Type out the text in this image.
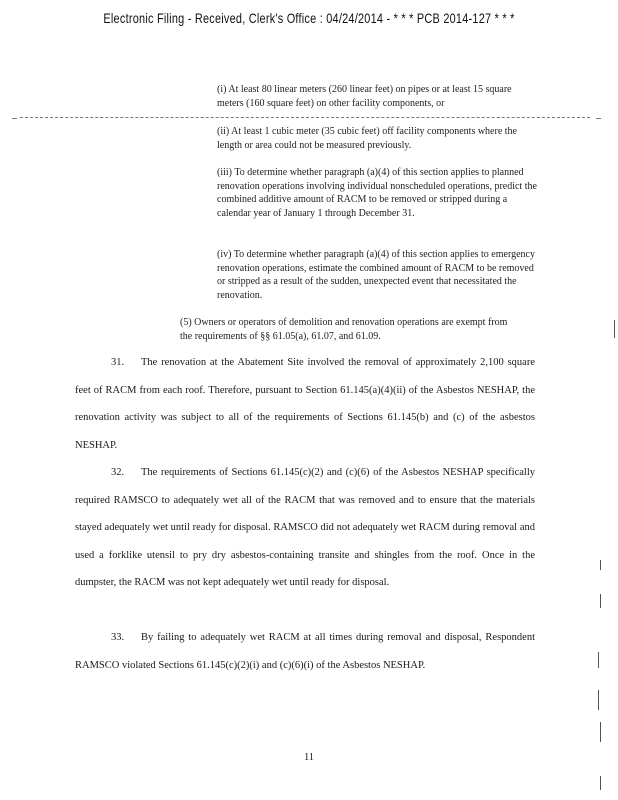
Electronic Filing - Received, Clerk's Office : 04/24/2014 - * * * PCB 2014-127 * * *
(i) At least 80 linear meters (260 linear feet) on pipes or at least 15 square meters (160 square feet) on other facility components, or
(ii) At least 1 cubic meter (35 cubic feet) off facility components where the length or area could not be measured previously.
(iii) To determine whether paragraph (a)(4) of this section applies to planned renovation operations involving individual nonscheduled operations, predict the combined additive amount of RACM to be removed or stripped during a calendar year of January 1 through December 31.
(iv) To determine whether paragraph (a)(4) of this section applies to emergency renovation operations, estimate the combined amount of RACM to be removed or stripped as a result of the sudden, unexpected event that necessitated the renovation.
(5) Owners or operators of demolition and renovation operations are exempt from the requirements of §§ 61.05(a), 61.07, and 61.09.
31. The renovation at the Abatement Site involved the removal of approximately 2,100 square feet of RACM from each roof. Therefore, pursuant to Section 61.145(a)(4)(ii) of the Asbestos NESHAP, the renovation activity was subject to all of the requirements of Sections 61.145(b) and (c) of the asbestos NESHAP.
32. The requirements of Sections 61.145(c)(2) and (c)(6) of the Asbestos NESHAP specifically required RAMSCO to adequately wet all of the RACM that was removed and to ensure that the materials stayed adequately wet until ready for disposal. RAMSCO did not adequately wet RACM during removal and used a forklike utensil to pry dry asbestos-containing transite and shingles from the roof. Once in the dumpster, the RACM was not kept adequately wet until ready for disposal.
33. By failing to adequately wet RACM at all times during removal and disposal, Respondent RAMSCO violated Sections 61.145(c)(2)(i) and (c)(6)(i) of the Asbestos NESHAP.
11
